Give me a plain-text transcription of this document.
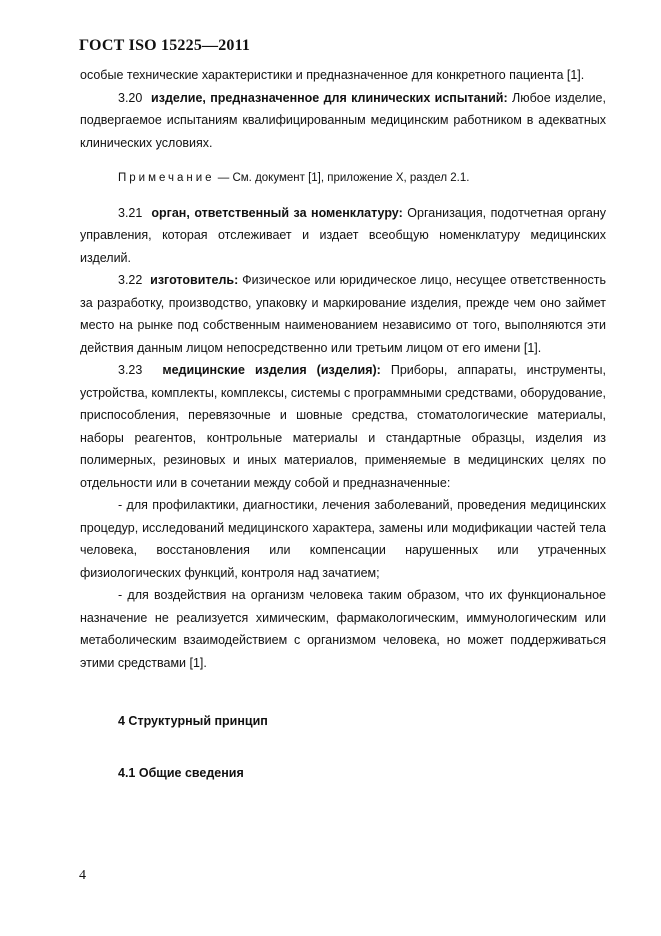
ГОСТ ISO 15225—2011

особые технические характеристики и предназначенное для конкретного пациента [1].

3.20 изделие, предназначенное для клинических испытаний: Любое изделие, подвергаемое испытаниям квалифицированным медицинским работником в адекватных клинических условиях.

Примечание — См. документ [1], приложение X, раздел 2.1.

3.21 орган, ответственный за номенклатуру: Организация, подотчетная органу управления, которая отслеживает и издает всеобщую номенклатуру медицинских изделий.

3.22 изготовитель: Физическое или юридическое лицо, несущее ответственность за разработку, производство, упаковку и маркирование изделия, прежде чем оно займет место на рынке под собственным наименованием независимо от того, выполняются эти действия данным лицом непосредственно или третьим лицом от его имени [1].

3.23 медицинские изделия (изделия): Приборы, аппараты, инструменты, устройства, комплекты, комплексы, системы с программными средствами, оборудование, приспособления, перевязочные и шовные средства, стоматологические материалы, наборы реагентов, контрольные материалы и стандартные образцы, изделия из полимерных, резиновых и иных материалов, применяемые в медицинских целях по отдельности или в сочетании между собой и предназначенные:

- для профилактики, диагностики, лечения заболеваний, проведения медицинских процедур, исследований медицинского характера, замены или модификации частей тела человека, восстановления или компенсации нарушенных или утраченных физиологических функций, контроля над зачатием;

- для воздействия на организм человека таким образом, что их функциональное назначение не реализуется химическим, фармакологическим, иммунологическим или метаболическим взаимодействием с организмом человека, но может поддерживаться этими средствами [1].

4 Структурный принцип

4.1 Общие сведения

4
